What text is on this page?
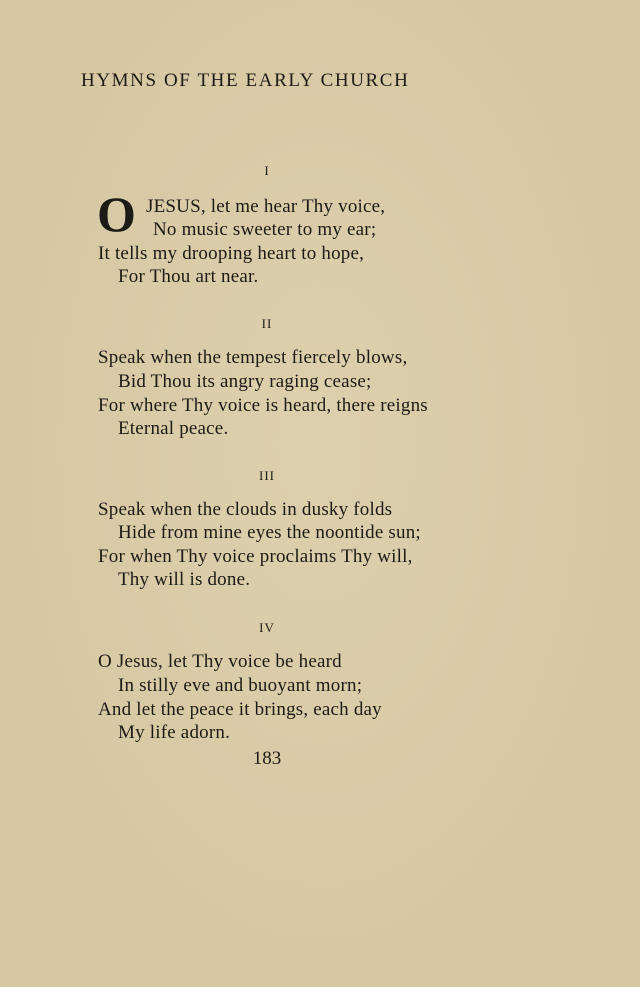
HYMNS OF THE EARLY CHURCH
I
O JESUS, let me hear Thy voice,
No music sweeter to my ear;
It tells my drooping heart to hope,
For Thou art near.
II
Speak when the tempest fiercely blows,
Bid Thou its angry raging cease;
For where Thy voice is heard, there reigns
Eternal peace.
III
Speak when the clouds in dusky folds
Hide from mine eyes the noontide sun;
For when Thy voice proclaims Thy will,
Thy will is done.
IV
O Jesus, let Thy voice be heard
In stilly eve and buoyant morn;
And let the peace it brings, each day
My life adorn.
183
